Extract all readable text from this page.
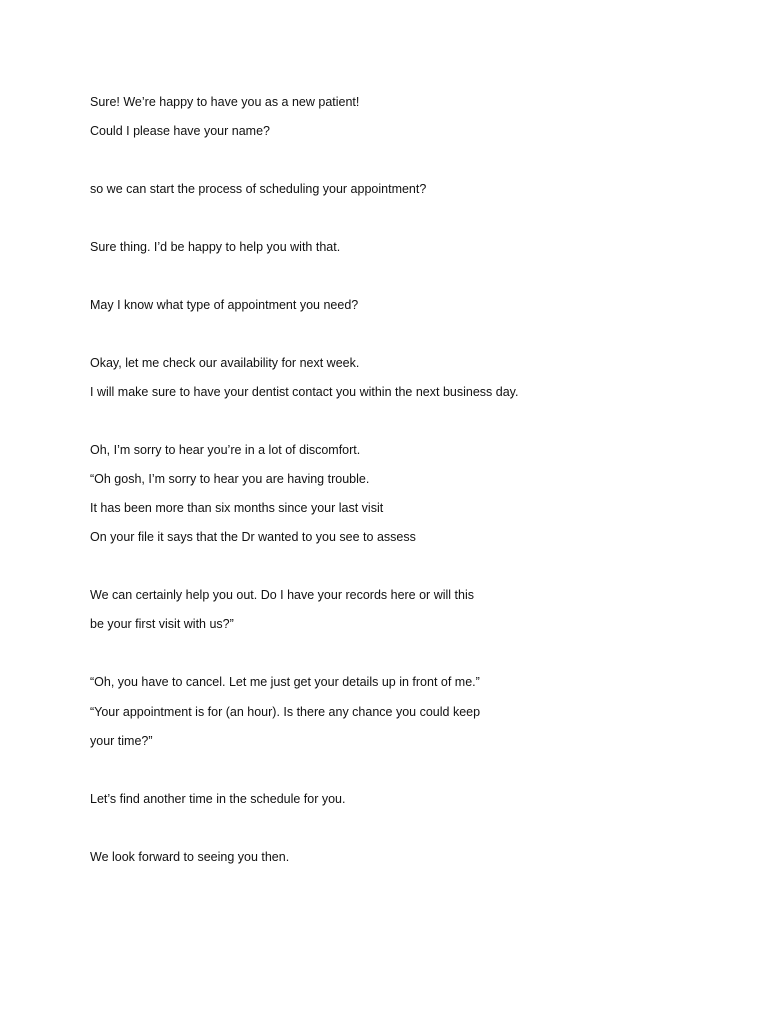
Sure! We’re happy to have you as a new patient!

Could I please have your name?

so we can start the process of scheduling your appointment?

Sure thing. I’d be happy to help you with that.

May I know what type of appointment you need?

Okay, let me check our availability for next week.

I will make sure to have your dentist contact you within the next business day.

Oh, I’m sorry to hear you’re in a lot of discomfort.

“Oh gosh, I’m sorry to hear you are having trouble.

It has been more than six months since your last visit

On your file it says that the Dr wanted to you see to assess

We can certainly help you out. Do I have your records here or will this

be your first visit with us?”

“Oh, you have to cancel. Let me just get your details up in front of me.”

“Your appointment is for (an hour). Is there any chance you could keep

your time?”

Let’s find another time in the schedule for you.

We look forward to seeing you then.
